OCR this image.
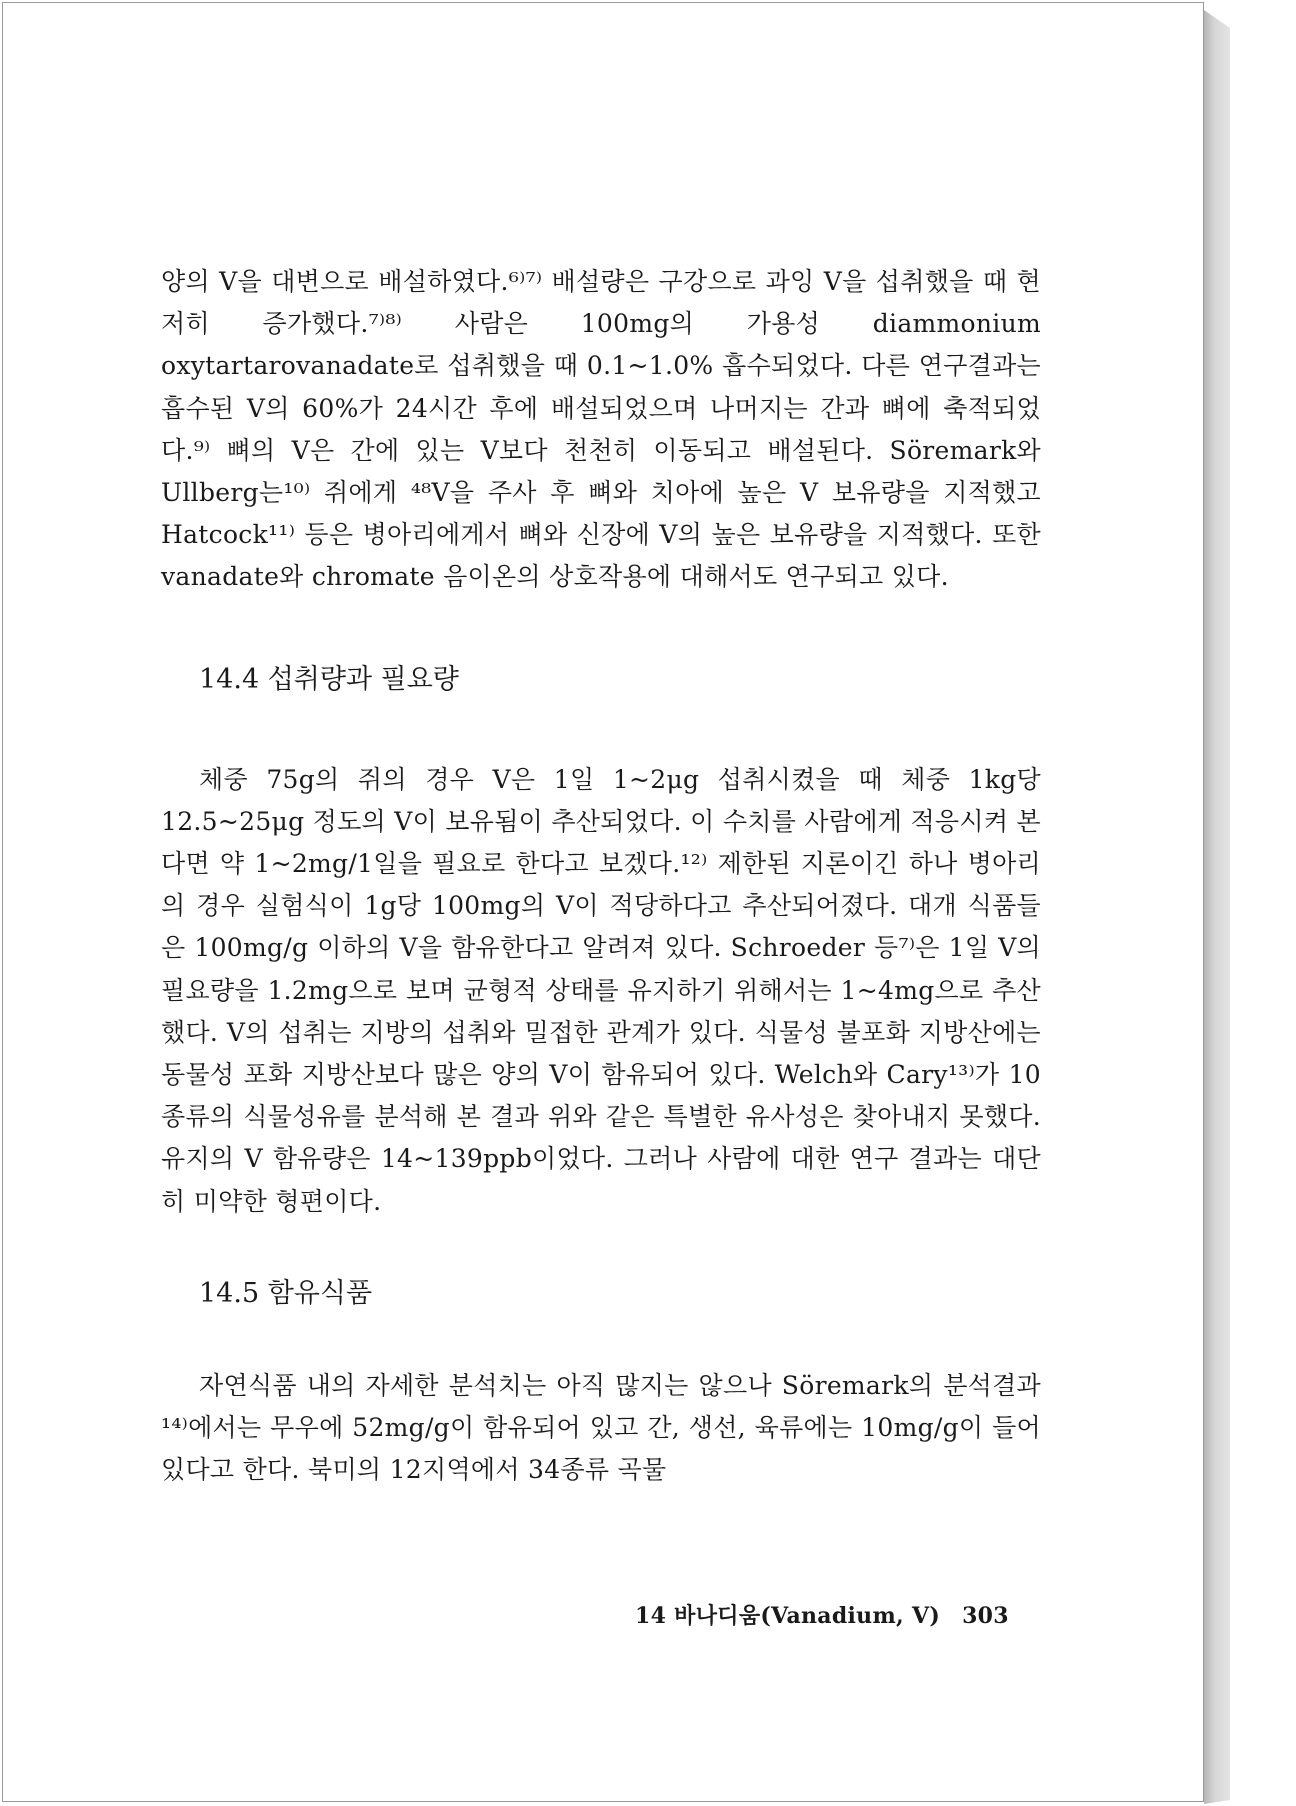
양의 V을 대변으로 배설하였다.⁶⁾⁷⁾ 배설량은 구강으로 과잉 V을 섭취했을 때 현저히 증가했다.⁷⁾⁸⁾ 사람은 100mg의 가용성 diammonium oxytartarovanadate로 섭취했을 때 0.1~1.0% 흡수되었다. 다른 연구결과는 흡수된 V의 60%가 24시간 후에 배설되었으며 나머지는 간과 뼈에 축적되었다.⁹⁾ 뼈의 V은 간에 있는 V보다 천천히 이동되고 배설된다. Söremark와 Ullberg는¹⁰⁾ 쥐에게 ⁴⁸V을 주사 후 뼈와 치아에 높은 V 보유량을 지적했고 Hatcock¹¹⁾ 등은 병아리에게서 뼈와 신장에 V의 높은 보유량을 지적했다. 또한 vanadate와 chromate 음이온의 상호작용에 대해서도 연구되고 있다.

14.4 섭취량과 필요량

체중 75g의 쥐의 경우 V은 1일 1~2μg 섭취시켰을 때 체중 1kg당 12.5~25μg 정도의 V이 보유됨이 추산되었다. 이 수치를 사람에게 적응시켜 본다면 약 1~2mg/1일을 필요로 한다고 보겠다.¹²⁾ 제한된 지론이긴 하나 병아리의 경우 실험식이 1g당 100mg의 V이 적당하다고 추산되어졌다. 대개 식품들은 100mg/g 이하의 V을 함유한다고 알려져 있다. Schroeder 등⁷⁾은 1일 V의 필요량을 1.2mg으로 보며 균형적 상태를 유지하기 위해서는 1~4mg으로 추산했다. V의 섭취는 지방의 섭취와 밀접한 관계가 있다. 식물성 불포화 지방산에는 동물성 포화 지방산보다 많은 양의 V이 함유되어 있다. Welch와 Cary¹³⁾가 10종류의 식물성유를 분석해 본 결과 위와 같은 특별한 유사성은 찾아내지 못했다. 유지의 V 함유량은 14~139ppb이었다. 그러나 사람에 대한 연구 결과는 대단히 미약한 형편이다.

14.5 함유식품

자연식품 내의 자세한 분석치는 아직 많지는 않으나 Söremark의 분석결과¹⁴⁾에서는 무우에 52mg/g이 함유되어 있고 간, 생선, 육류에는 10mg/g이 들어 있다고 한다. 북미의 12지역에서 34종류 곡물

14 바나디움(Vanadium, V) 303
